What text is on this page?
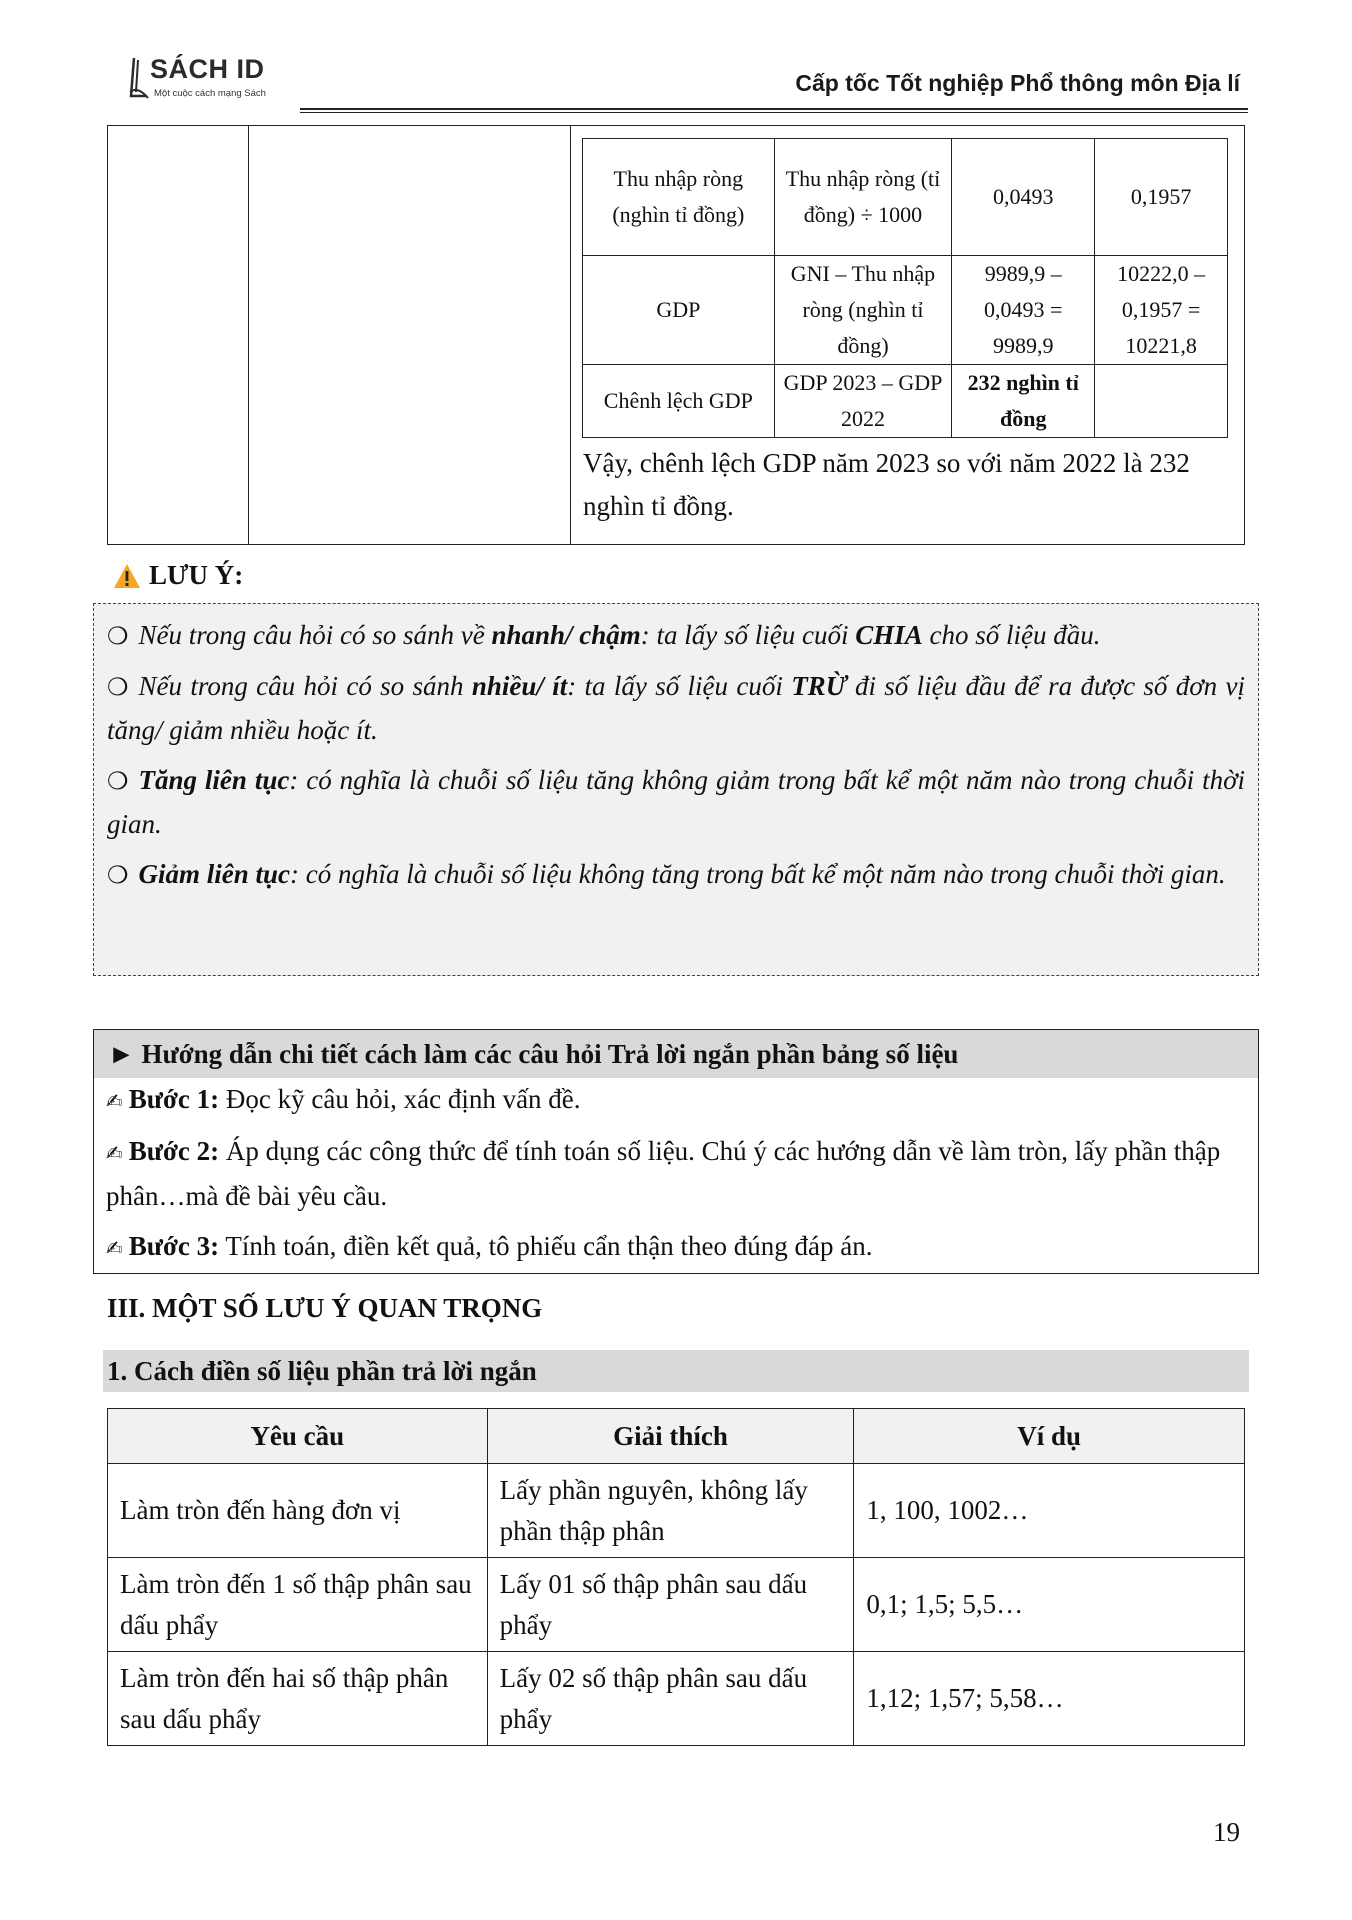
SÁCH ID
Một cuộc cách mạng Sách	Cấp tốc Tốt nghiệp Phổ thông môn Địa lí
Thu nhập ròng (nghìn tỉ đồng)	Thu nhập ròng (tỉ đồng) ÷ 1000	0,0493	0,1957
GDP	GNI – Thu nhập ròng (nghìn tỉ đồng)	9989,9 – 0,0493 = 9989,9	10222,0 – 0,1957 = 10221,8
Chênh lệch GDP	GDP 2023 – GDP 2022	232 nghìn tỉ đồng	
Vậy, chênh lệch GDP năm 2023 so với năm 2022 là 232 nghìn tỉ đồng.
LƯU Ý:

❍ Nếu trong câu hỏi có so sánh về nhanh/ chậm: ta lấy số liệu cuối CHIA cho số liệu đầu.

❍ Nếu trong câu hỏi có so sánh nhiều/ ít: ta lấy số liệu cuối TRỪ đi số liệu đầu để ra được số đơn vị tăng/ giảm nhiều hoặc ít.

❍ Tăng liên tục: có nghĩa là chuỗi số liệu tăng không giảm trong bất kể một năm nào trong chuỗi thời gian.

❍ Giảm liên tục: có nghĩa là chuỗi số liệu không tăng trong bất kể một năm nào trong chuỗi thời gian.

► Hướng dẫn chi tiết cách làm các câu hỏi Trả lời ngắn phần bảng số liệu

✍ Bước 1: Đọc kỹ câu hỏi, xác định vấn đề.

✍ Bước 2: Áp dụng các công thức để tính toán số liệu. Chú ý các hướng dẫn về làm tròn, lấy phần thập phân…mà đề bài yêu cầu.

✍ Bước 3: Tính toán, điền kết quả, tô phiếu cẩn thận theo đúng đáp án.

III. MỘT SỐ LƯU Ý QUAN TRỌNG
1. Cách điền số liệu phần trả lời ngắn
Yêu cầu	Giải thích	Ví dụ
Làm tròn đến hàng đơn vị	Lấy phần nguyên, không lấy phần thập phân	1, 100, 1002…
Làm tròn đến 1 số thập phân sau dấu phẩy	Lấy 01 số thập phân sau dấu phẩy	0,1; 1,5; 5,5…
Làm tròn đến hai số thập phân sau dấu phẩy	Lấy 02 số thập phân sau dấu phẩy	1,12; 1,57; 5,58…
19
